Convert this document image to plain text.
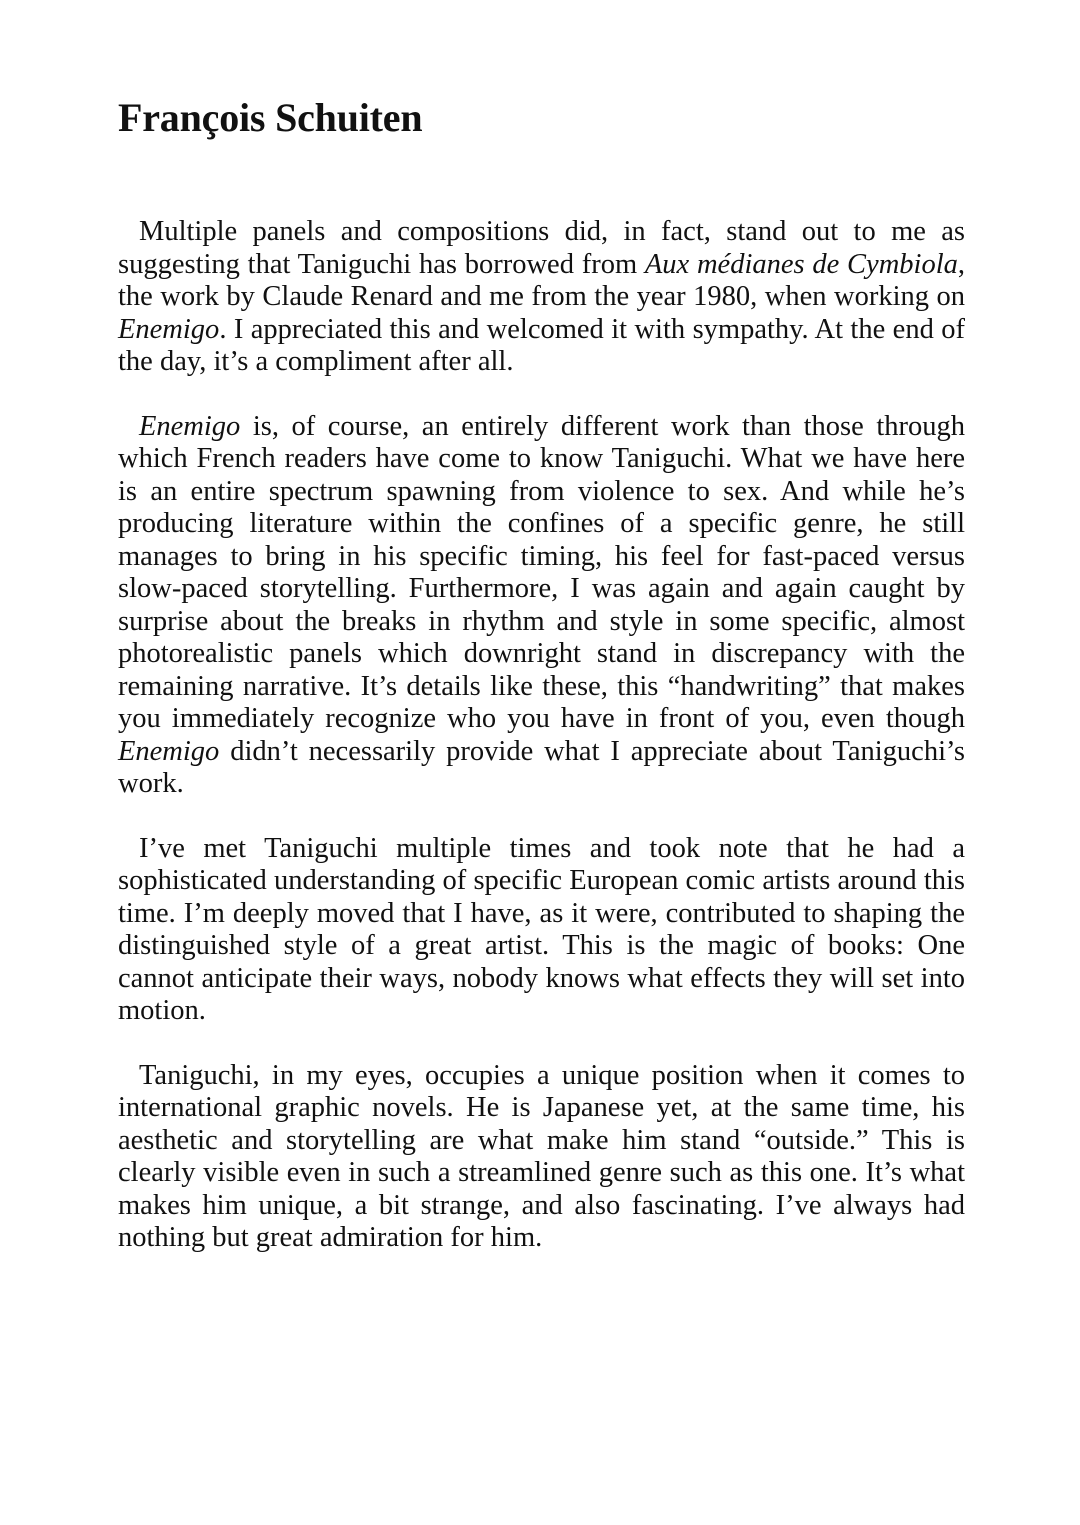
François Schuiten

Multiple panels and compositions did, in fact, stand out to me as suggesting that Taniguchi has borrowed from Aux médianes de Cymbiola, the work by Claude Renard and me from the year 1980, when working on Enemigo. I appreciated this and welcomed it with sympathy. At the end of the day, it’s a compliment after all.

Enemigo is, of course, an entirely different work than those through which French readers have come to know Taniguchi. What we have here is an entire spectrum spawning from violence to sex. And while he’s producing literature within the confines of a specific genre, he still manages to bring in his specific timing, his feel for fast-paced versus slow-paced storytelling. Furthermore, I was again and again caught by surprise about the breaks in rhythm and style in some specific, almost photorealistic panels which downright stand in discrepancy with the remaining narrative. It’s details like these, this “handwriting” that makes you immediately recognize who you have in front of you, even though Enemigo didn’t necessarily provide what I appreciate about Taniguchi’s work.

I’ve met Taniguchi multiple times and took note that he had a sophisticated understanding of specific European comic artists around this time. I’m deeply moved that I have, as it were, contributed to shaping the distinguished style of a great artist. This is the magic of books: One cannot anticipate their ways, nobody knows what effects they will set into motion.

Taniguchi, in my eyes, occupies a unique position when it comes to international graphic novels. He is Japanese yet, at the same time, his aesthetic and storytelling are what make him stand “outside.” This is clearly visible even in such a streamlined genre such as this one. It’s what makes him unique, a bit strange, and also fascinating. I’ve always had nothing but great admiration for him.
